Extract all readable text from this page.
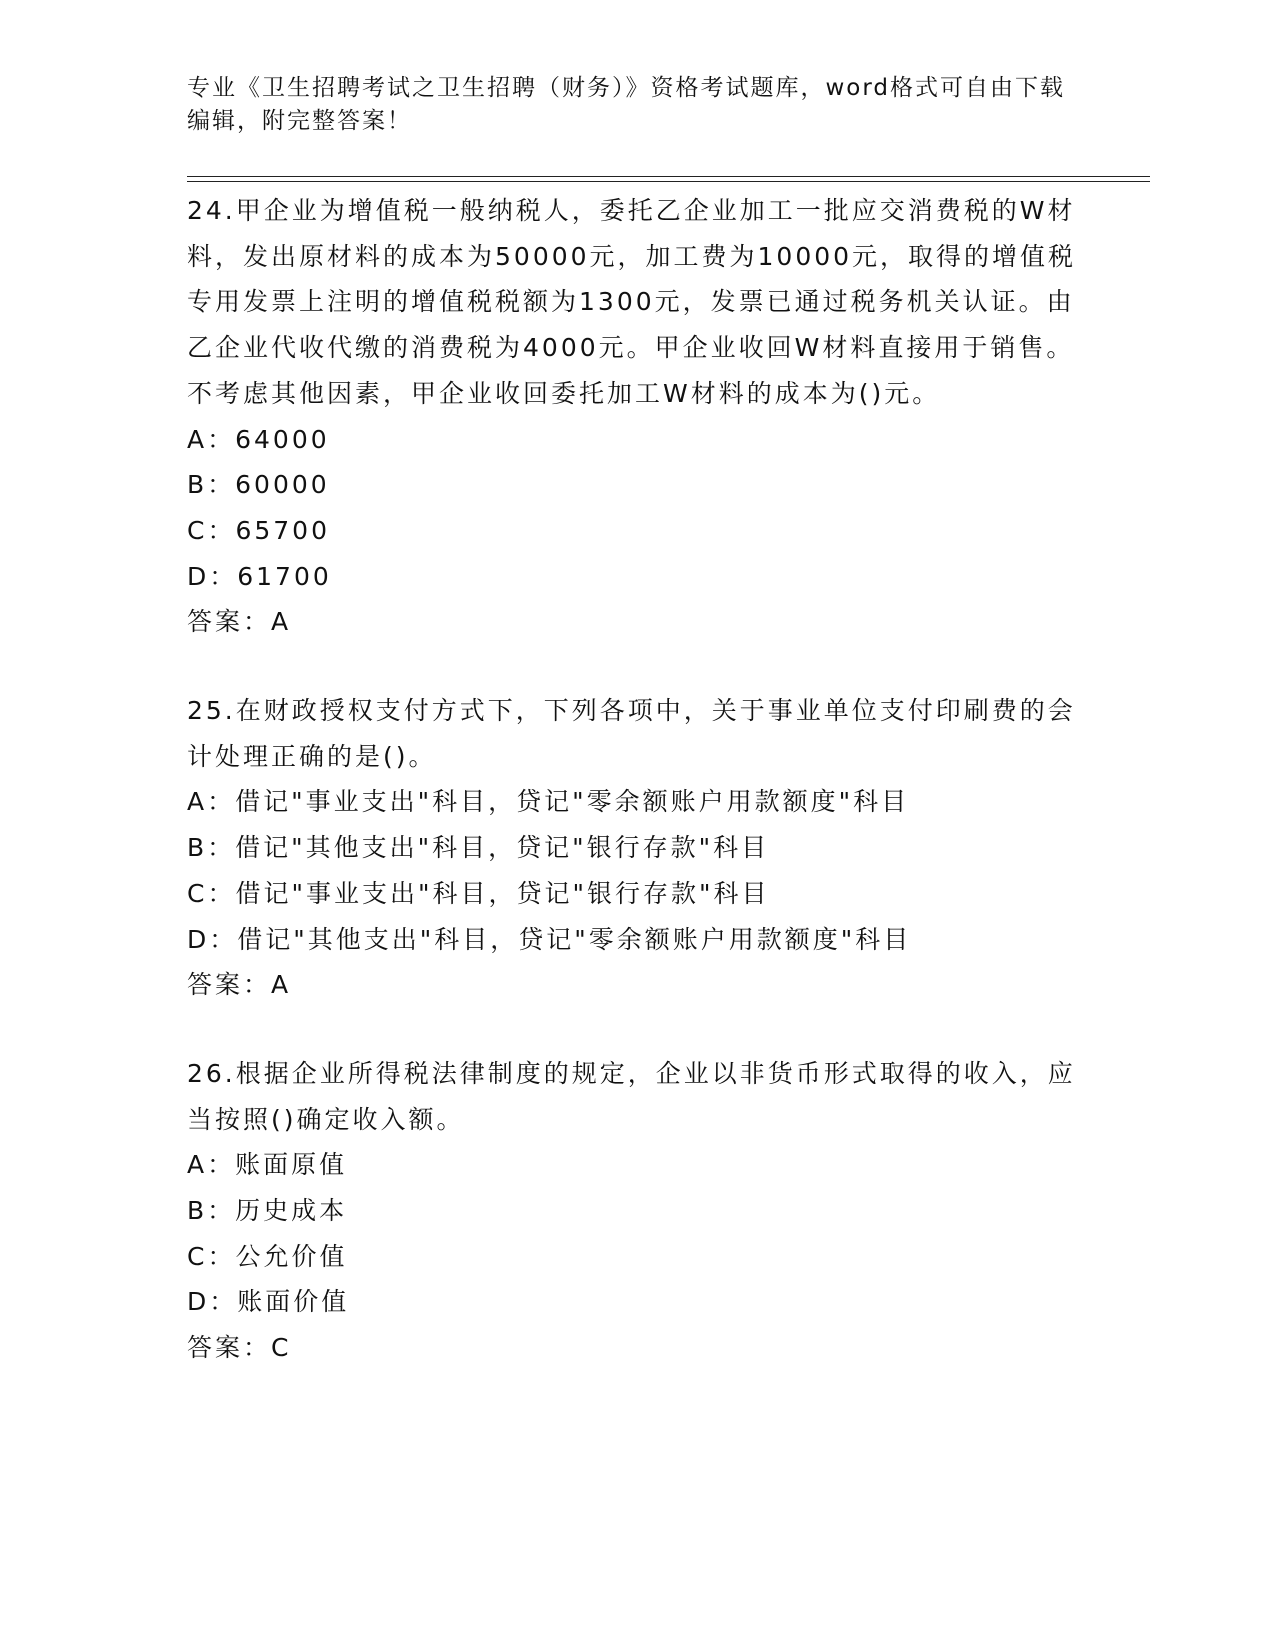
专业《卫生招聘考试之卫生招聘（财务）》资格考试题库，word格式可自由下载编辑，附完整答案！

24.甲企业为增值税一般纳税人，委托乙企业加工一批应交消费税的W材料，发出原材料的成本为50000元，加工费为10000元，取得的增值税专用发票上注明的增值税税额为1300元，发票已通过税务机关认证。由乙企业代收代缴的消费税为4000元。甲企业收回W材料直接用于销售。不考虑其他因素，甲企业收回委托加工W材料的成本为()元。

A：64000

B：60000

C：65700

D：61700

答案：A

25.在财政授权支付方式下，下列各项中，关于事业单位支付印刷费的会计处理正确的是()。

A：借记"事业支出"科目，贷记"零余额账户用款额度"科目

B：借记"其他支出"科目，贷记"银行存款"科目

C：借记"事业支出"科目，贷记"银行存款"科目

D：借记"其他支出"科目，贷记"零余额账户用款额度"科目

答案：A

26.根据企业所得税法律制度的规定，企业以非货币形式取得的收入，应当按照()确定收入额。

A：账面原值

B：历史成本

C：公允价值

D：账面价值

答案：C
